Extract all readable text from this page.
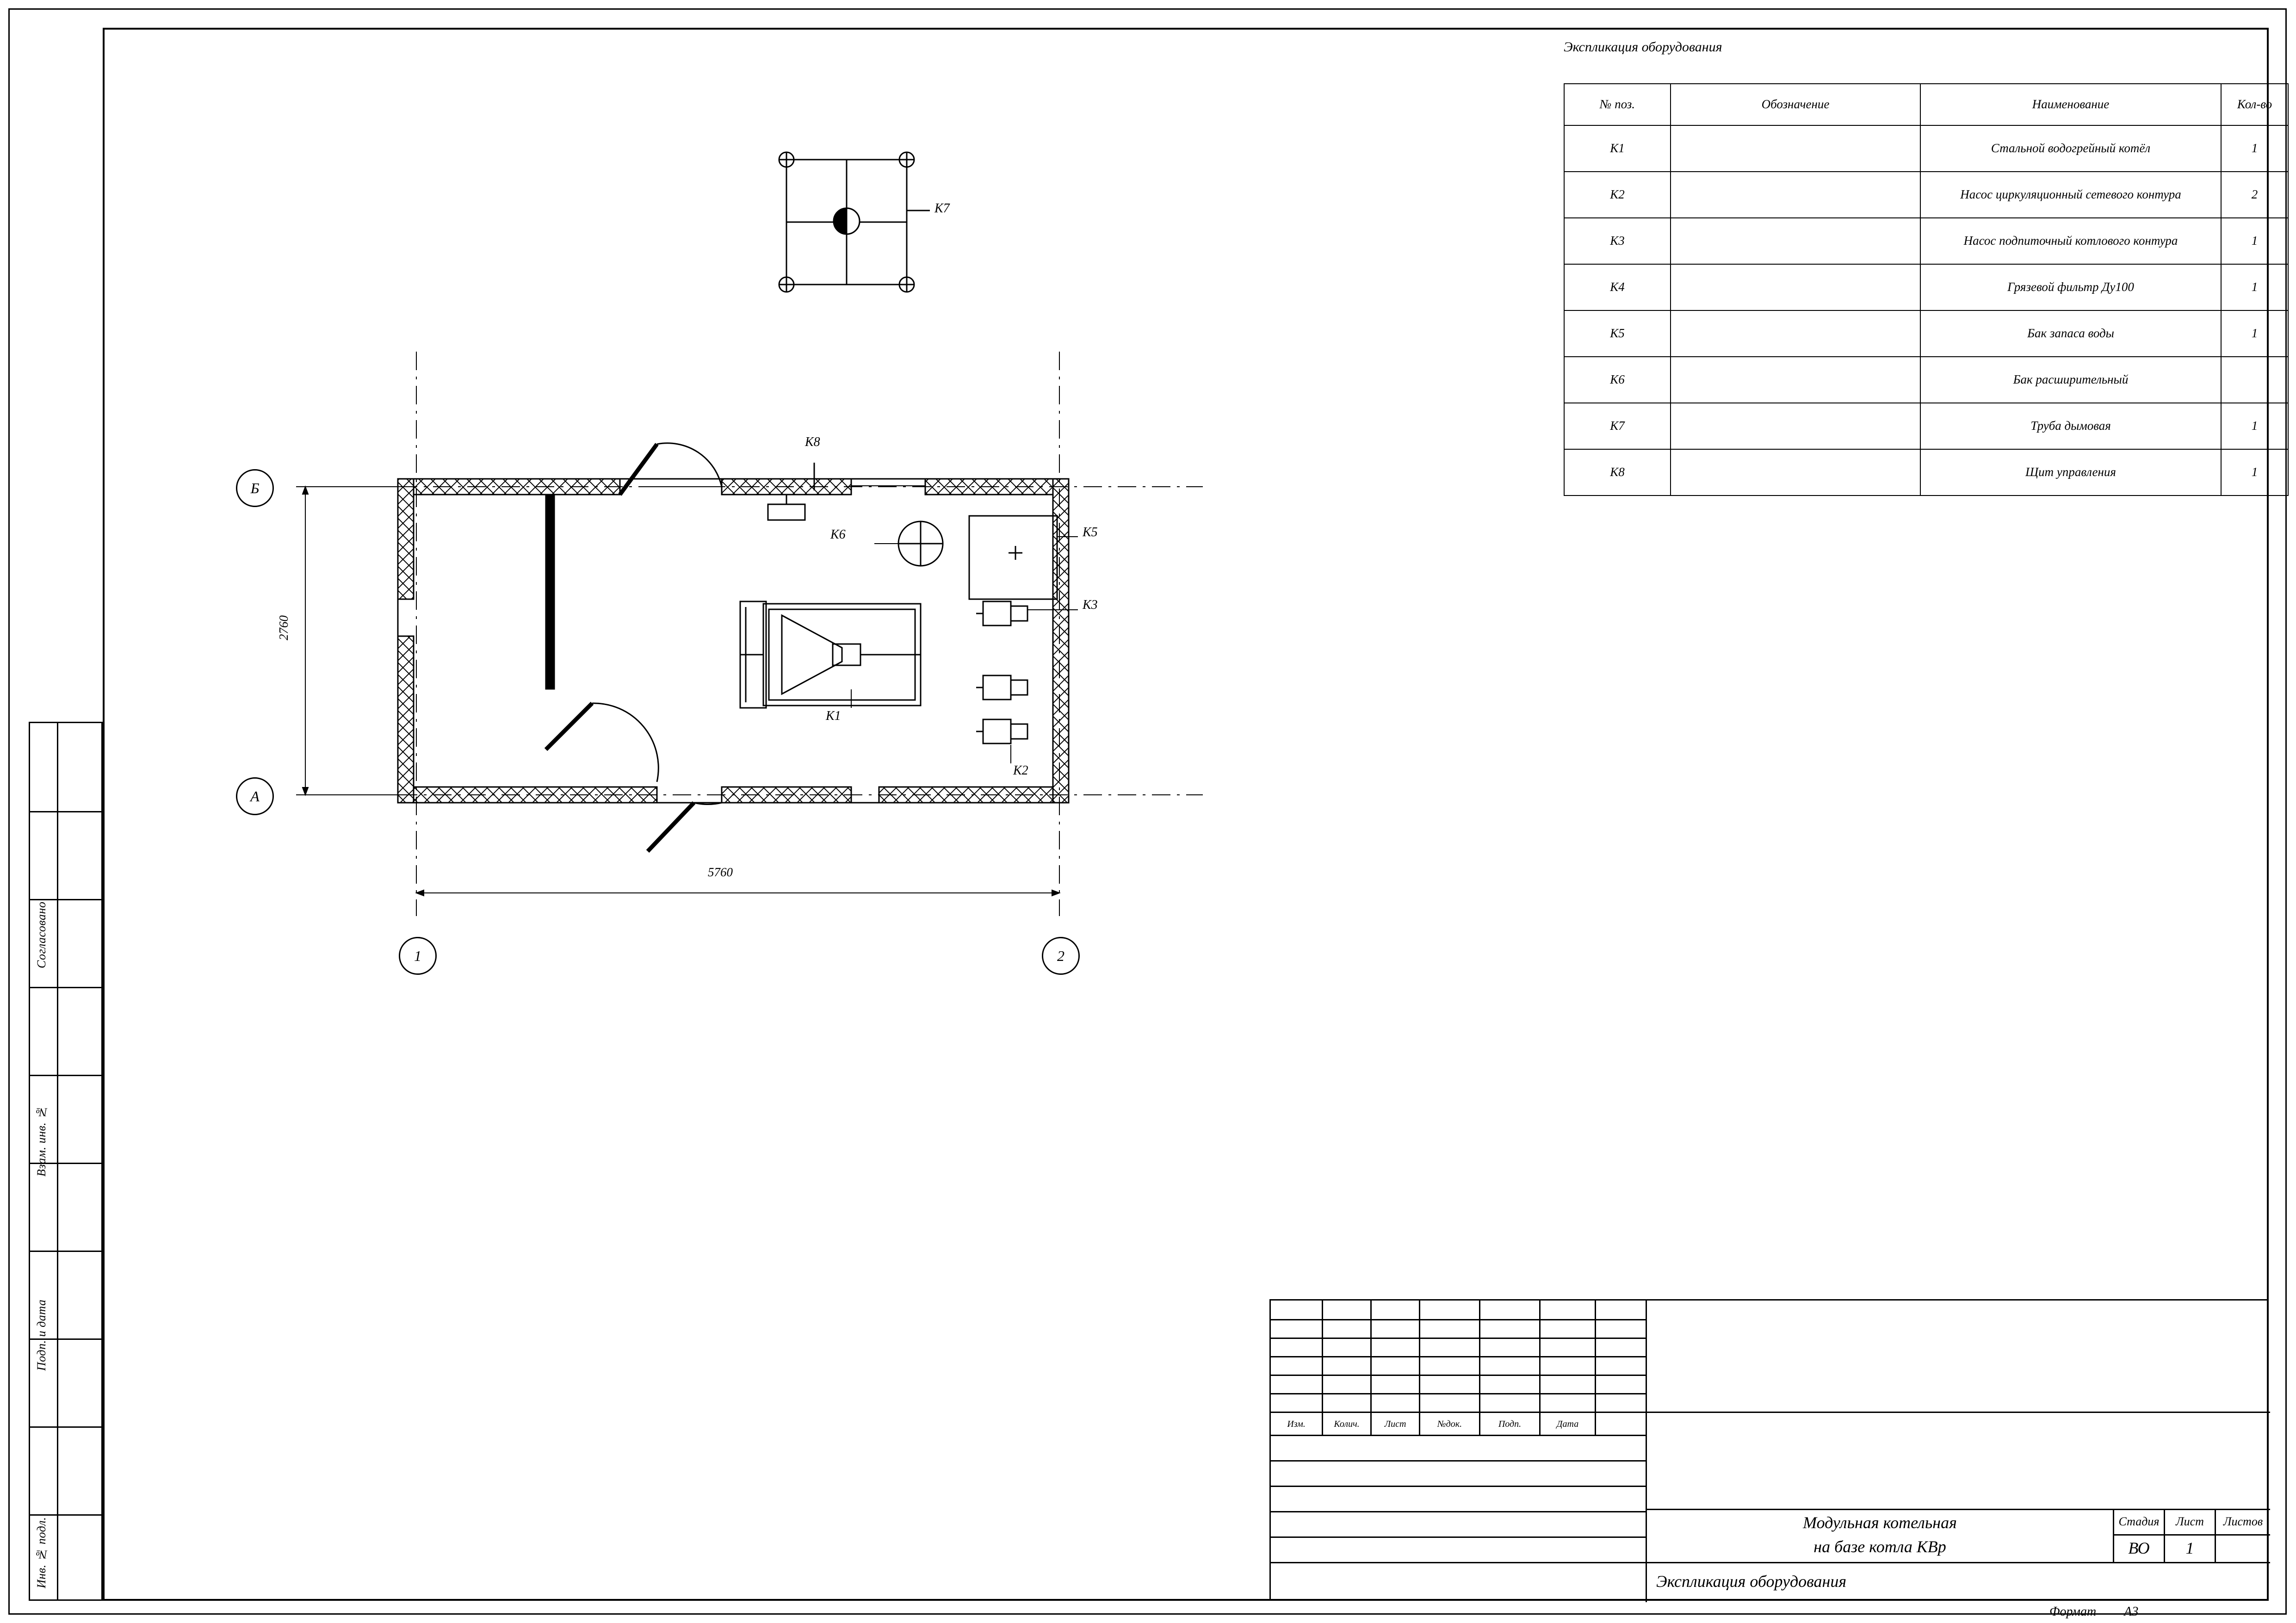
Инв. № подл.
Подп. и дата
Взам. инв. №
Согласовано
Экспликация оборудования
№ поз.	Обозначение	Наименование	Кол-во
К1		Стальной водогрейный котёл	1
К2		Насос циркуляционный сетевого контура	2
К3		Насос подпиточный котлового контура	1
К4		Грязевой фильтр Ду100	1
К5		Бак запаса воды	1
К6		Бак расширительный	
К7		Труба дымовая	1
К8		Щит управления	1
К7
К8
К6	К5
К3
К1
К2
5760
2760
1	2
А
Б
Изм.	Колич.	Лист	№док.	Подп.	Дата
Модульная котельная
на базе котла КВр
Экспликация оборудования
Стадия	Лист	Листов
ВО	1
Формат А3
